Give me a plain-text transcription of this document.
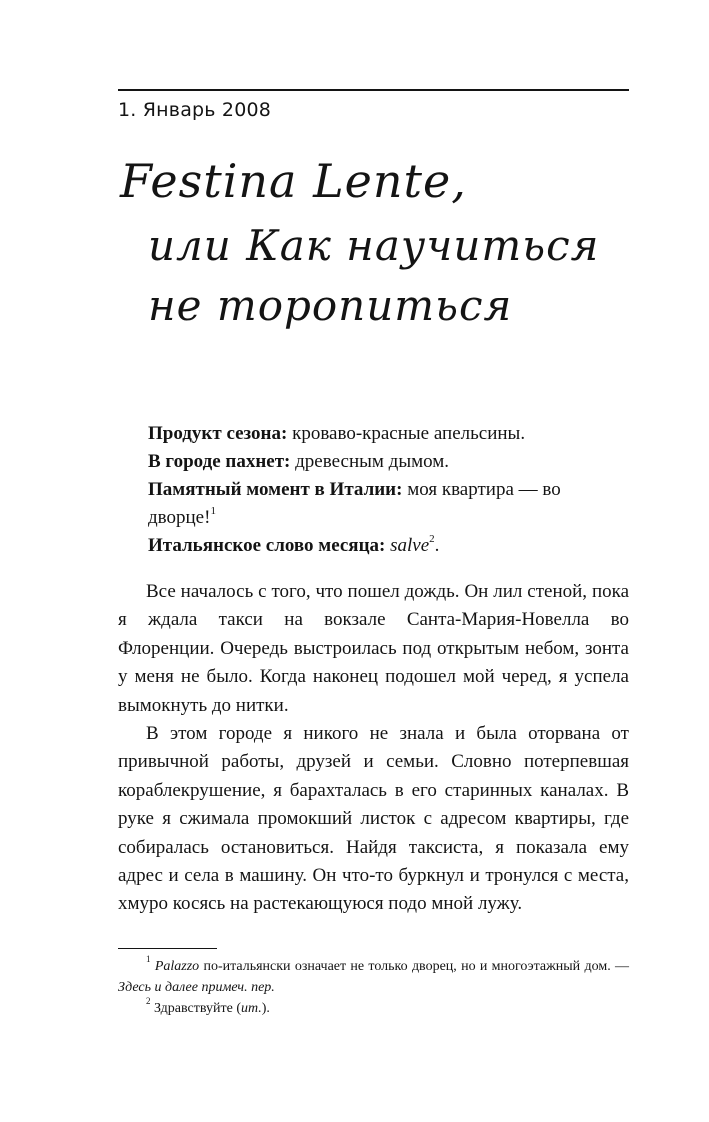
1. Январь 2008
Festina Lente,
или Как научиться
не торопиться

Продукт сезона: кроваво-красные апельсины.

В городе пахнет: древесным дымом.

Памятный момент в Италии: моя квартира — во дворце!$^1$

Итальянское слово месяца: salve$^2$.

Все началось с того, что пошел дождь. Он лил стеной, пока я ждала такси на вокзале Санта-Мария-Новелла во Флоренции. Очередь выстроилась под открытым небом, зонта у меня не было. Когда наконец подошел мой черед, я успела вымокнуть до нитки.

В этом городе я никого не знала и была оторвана от привычной работы, друзей и семьи. Словно потерпевшая кораблекрушение, я барахталась в его старинных каналах. В руке я сжимала промокший листок с адресом квартиры, где собиралась остановиться. Найдя таксиста, я показала ему адрес и села в машину. Он что-то буркнул и тронулся с места, хмуро косясь на растекающуюся подо мной лужу.

$^1$ Palazzo по-итальянски означает не только дворец, но и многоэтажный дом. — Здесь и далее примеч. пер.

$^2$ Здравствуйте (ит.).
